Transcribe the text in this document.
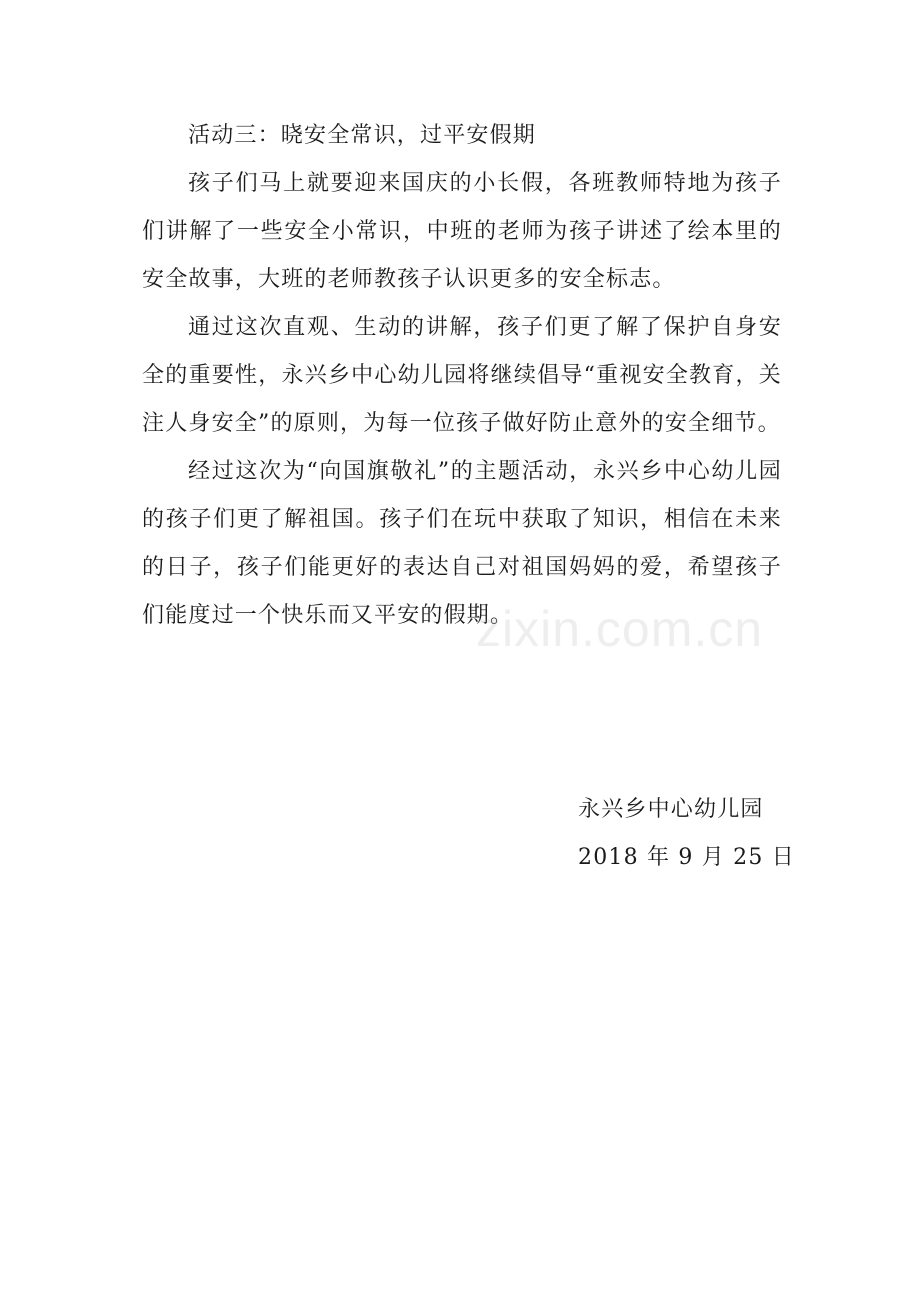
活动三：晓安全常识，过平安假期

孩子们马上就要迎来国庆的小长假，各班教师特地为孩子们讲解了一些安全小常识，中班的老师为孩子讲述了绘本里的安全故事，大班的老师教孩子认识更多的安全标志。

通过这次直观、生动的讲解，孩子们更了解了保护自身安全的重要性，永兴乡中心幼儿园将继续倡导“重视安全教育，关注人身安全”的原则，为每一位孩子做好防止意外的安全细节。

经过这次为“向国旗敬礼”的主题活动，永兴乡中心幼儿园的孩子们更了解祖国。孩子们在玩中获取了知识，相信在未来的日子，孩子们能更好的表达自己对祖国妈妈的爱，希望孩子们能度过一个快乐而又平安的假期。

永兴乡中心幼儿园

2018 年 9 月 25 日

zixin.com.cn
